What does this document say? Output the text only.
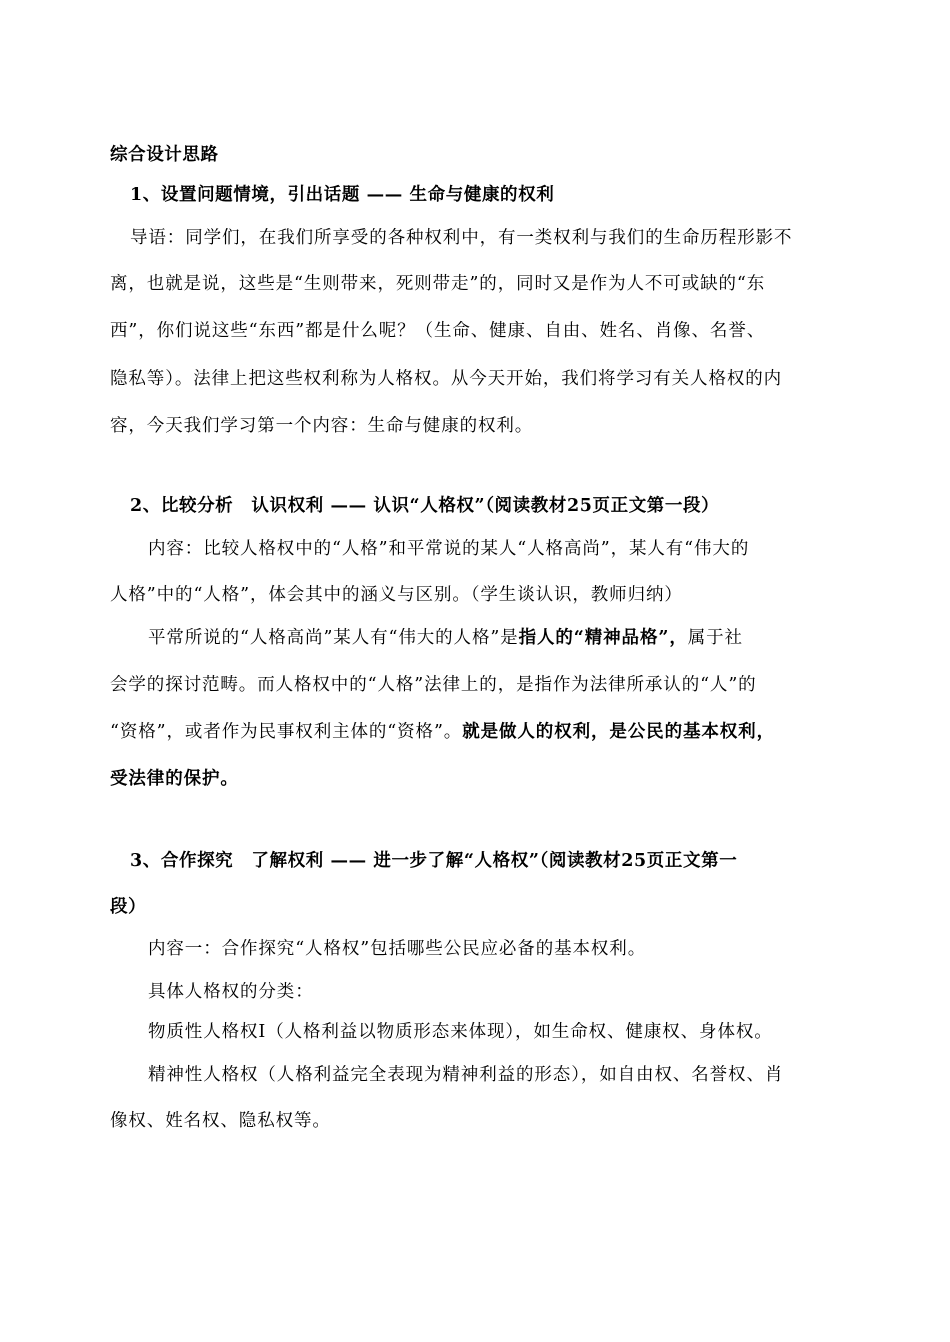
综合设计思路
1、设置问题情境，引出话题 —— 生命与健康的权利
导语：同学们，在我们所享受的各种权利中，有一类权利与我们的生命历程形影不
离，也就是说，这些是“生则带来，死则带走”的，同时又是作为人不可或缺的“东
西”，你们说这些“东西”都是什么呢？（生命、健康、自由、姓名、肖像、名誉、
隐私等）。法律上把这些权利称为人格权。从今天开始，我们将学习有关人格权的内
容，今天我们学习第一个内容：生命与健康的权利。
2、比较分析　认识权利 —— 认识“人格权”（阅读教材25页正文第一段）
内容：比较人格权中的“人格”和平常说的某人“人格高尚”，某人有“伟大的
人格”中的“人格”，体会其中的涵义与区别。（学生谈认识，教师归纳）
平常所说的“人格高尚”某人有“伟大的人格”是指人的“精神品格”，属于社
会学的探讨范畴。而人格权中的“人格”法律上的，是指作为法律所承认的“人”的
“资格”，或者作为民事权利主体的“资格”。就是做人的权利，是公民的基本权利，
受法律的保护。
3、合作探究　了解权利 —— 进一步了解“人格权”（阅读教材25页正文第一
段）
内容一：合作探究“人格权”包括哪些公民应必备的基本权利。
具体人格权的分类：
物质性人格权Ⅰ（人格利益以物质形态来体现），如生命权、健康权、身体权。
精神性人格权（人格利益完全表现为精神利益的形态），如自由权、名誉权、肖
像权、姓名权、隐私权等。
